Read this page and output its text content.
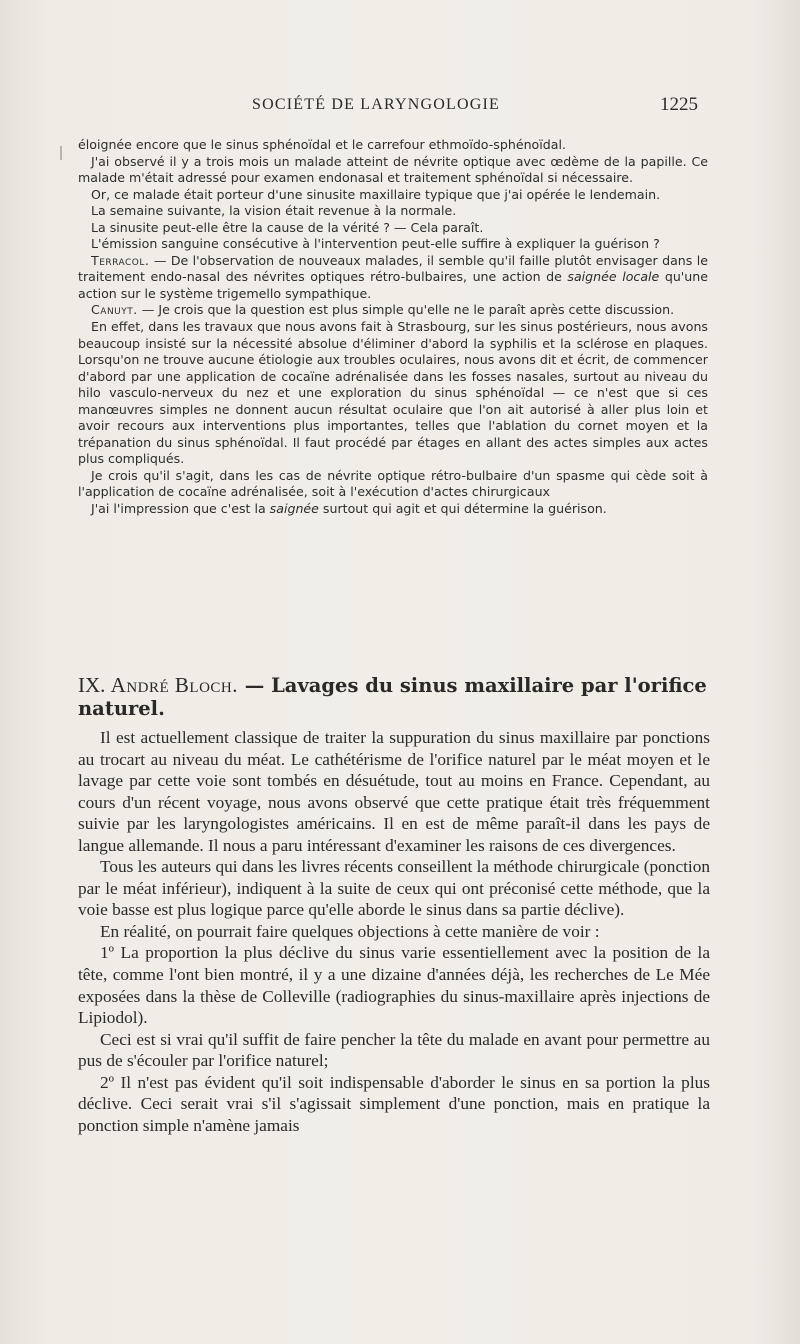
SOCIÉTÉ DE LARYNGOLOGIE	1225

éloignée encore que le sinus sphénoïdal et le carrefour ethmoïdo-sphénoïdal.

J'ai observé il y a trois mois un malade atteint de névrite optique avec œdème de la papille. Ce malade m'était adressé pour examen endonasal et traitement sphénoïdal si nécessaire.

Or, ce malade était porteur d'une sinusite maxillaire typique que j'ai opérée le lendemain.

La semaine suivante, la vision était revenue à la normale.

La sinusite peut-elle être la cause de la vérité ? — Cela paraît.

L'émission sanguine consécutive à l'intervention peut-elle suffire à expliquer la guérison ?

Terracol. — De l'observation de nouveaux malades, il semble qu'il faille plutôt envisager dans le traitement endo-nasal des névrites optiques rétro-bulbaires, une action de saignée locale qu'une action sur le système trigemello sympathique.

Canuyt. — Je crois que la question est plus simple qu'elle ne le paraît après cette discussion.

En effet, dans les travaux que nous avons fait à Strasbourg, sur les sinus postérieurs, nous avons beaucoup insisté sur la nécessité absolue d'éliminer d'abord la syphilis et la sclérose en plaques. Lorsqu'on ne trouve aucune étiologie aux troubles oculaires, nous avons dit et écrit, de commencer d'abord par une application de cocaïne adrénalisée dans les fosses nasales, surtout au niveau du hilo vasculo-nerveux du nez et une exploration du sinus sphénoïdal — ce n'est que si ces manœuvres simples ne donnent aucun résultat oculaire que l'on ait autorisé à aller plus loin et avoir recours aux interventions plus importantes, telles que l'ablation du cornet moyen et la trépanation du sinus sphénoïdal. Il faut procédé par étages en allant des actes simples aux actes plus compliqués.

Je crois qu'il s'agit, dans les cas de névrite optique rétro-bulbaire d'un spasme qui cède soit à l'application de cocaïne adrénalisée, soit à l'exécution d'actes chirurgicaux

J'ai l'impression que c'est la saignée surtout qui agit et qui détermine la guérison.

IX. André Bloch. — Lavages du sinus maxillaire par l'orifice naturel.

Il est actuellement classique de traiter la suppuration du sinus maxillaire par ponctions au trocart au niveau du méat. Le cathétérisme de l'orifice naturel par le méat moyen et le lavage par cette voie sont tombés en désuétude, tout au moins en France. Cependant, au cours d'un récent voyage, nous avons observé que cette pratique était très fréquemment suivie par les laryngologistes américains. Il en est de même paraît-il dans les pays de langue allemande. Il nous a paru intéressant d'examiner les raisons de ces divergences.

Tous les auteurs qui dans les livres récents conseillent la méthode chirurgicale (ponction par le méat inférieur), indiquent à la suite de ceux qui ont préconisé cette méthode, que la voie basse est plus logique parce qu'elle aborde le sinus dans sa partie déclive).

En réalité, on pourrait faire quelques objections à cette manière de voir :

1º La proportion la plus déclive du sinus varie essentiellement avec la position de la tête, comme l'ont bien montré, il y a une dizaine d'années déjà, les recherches de Le Mée exposées dans la thèse de Colleville (radiographies du sinus-maxillaire après injections de Lipiodol).

Ceci est si vrai qu'il suffit de faire pencher la tête du malade en avant pour permettre au pus de s'écouler par l'orifice naturel;

2º Il n'est pas évident qu'il soit indispensable d'aborder le sinus en sa portion la plus déclive. Ceci serait vrai s'il s'agissait simplement d'une ponction, mais en pratique la ponction simple n'amène jamais
